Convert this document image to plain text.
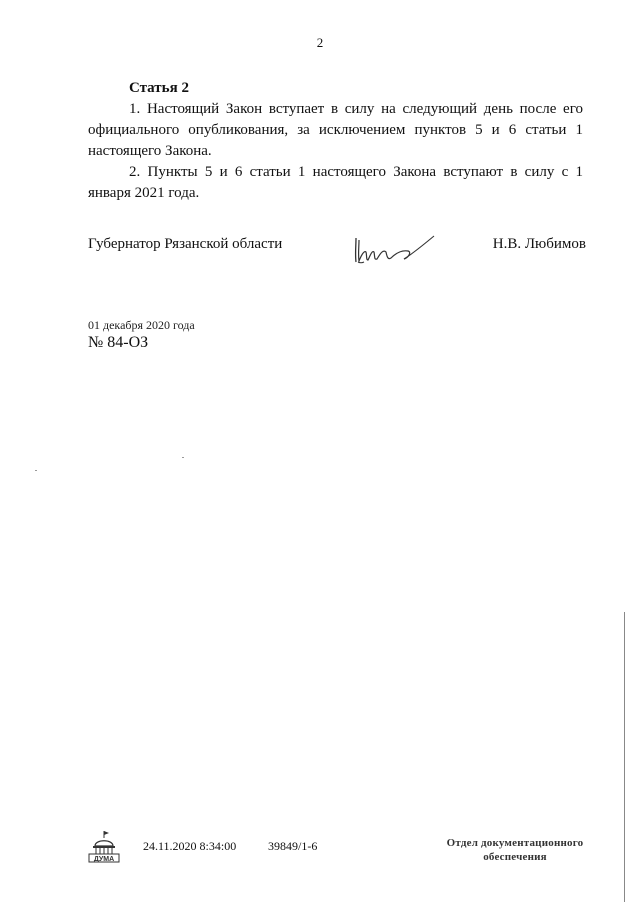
2
Статья 2

1. Настоящий Закон вступает в силу на следующий день после его официального опубликования, за исключением пунктов 5 и 6 статьи 1 настоящего Закона.

2. Пункты 5 и 6 статьи 1 настоящего Закона вступают в силу с 1 января 2021 года.

Губернатор Рязанской области	Н.В. Любимов
01 декабря 2020 года
№ 84-ОЗ
ДУМА
24.11.2020 8:34:00	39849/1-6	Отдел документационного
обеспечения
